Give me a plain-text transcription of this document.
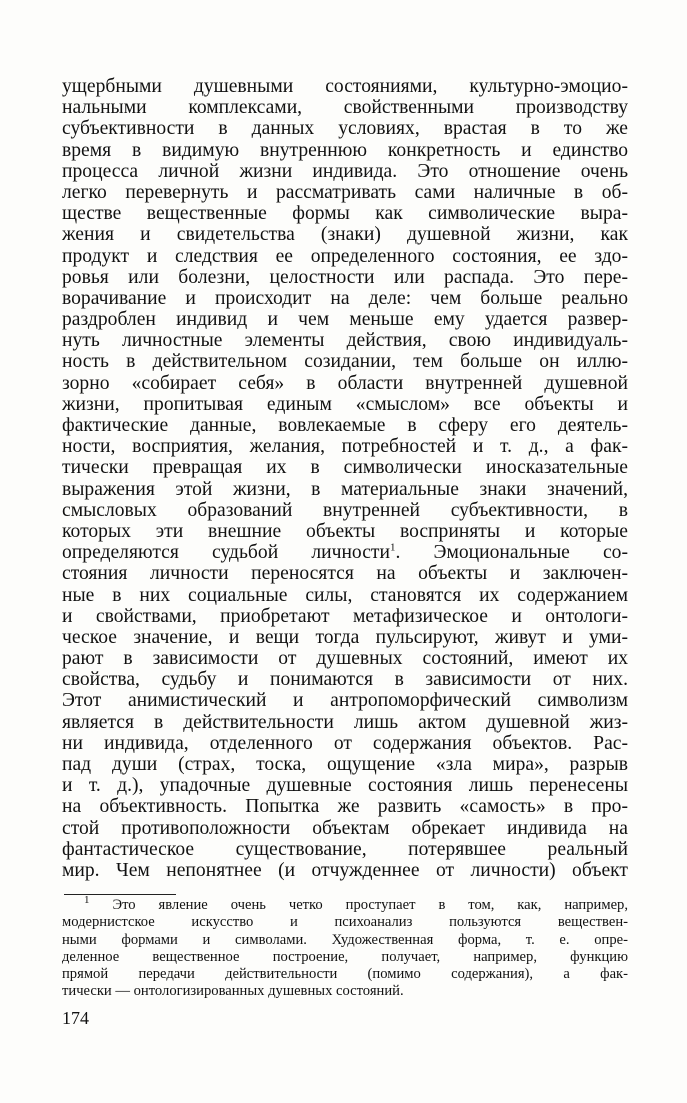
ущербными душевными состояниями, культурно-эмоцио-
нальными комплексами, свойственными производству
субъективности в данных условиях, врастая в то же
время в видимую внутреннюю конкретность и единство
процесса личной жизни индивида. Это отношение очень
легко перевернуть и рассматривать сами наличные в об-
ществе вещественные формы как символические выра-
жения и свидетельства (знаки) душевной жизни, как
продукт и следствия ее определенного состояния, ее здо-
ровья или болезни, целостности или распада. Это пере-
ворачивание и происходит на деле: чем больше реально
раздроблен индивид и чем меньше ему удается развер-
нуть личностные элементы действия, свою индивидуаль-
ность в действительном созидании, тем больше он иллю-
зорно «собирает себя» в области внутренней душевной
жизни, пропитывая единым «смыслом» все объекты и
фактические данные, вовлекаемые в сферу его деятель-
ности, восприятия, желания, потребностей и т. д., а фак-
тически превращая их в символически иносказательные
выражения этой жизни, в материальные знаки значений,
смысловых образований внутренней субъективности, в
которых эти внешние объекты восприняты и которые
определяются судьбой личности$^1$. Эмоциональные со-
стояния личности переносятся на объекты и заключен-
ные в них социальные силы, становятся их содержанием
и свойствами, приобретают метафизическое и онтологи-
ческое значение, и вещи тогда пульсируют, живут и уми-
рают в зависимости от душевных состояний, имеют их
свойства, судьбу и понимаются в зависимости от них.
Этот анимистический и антропоморфический символизм
является в действительности лишь актом душевной жиз-
ни индивида, отделенного от содержания объектов. Рас-
пад души (страх, тоска, ощущение «зла мира», разрыв
и т. д.), упадочные душевные состояния лишь перенесены
на объективность. Попытка же развить «самость» в про-
стой противоположности объектам обрекает индивида на
фантастическое существование, потерявшее реальный
мир. Чем непонятнее (и отчужденнее от личности) объект
$^1$ Это явление очень четко проступает в том, как, например,
модернистское искусство и психоанализ пользуются веществен-
ными формами и символами. Художественная форма, т. е. опре-
деленное вещественное построение, получает, например, функцию
прямой передачи действительности (помимо содержания), а фак-
тически — онтологизированных душевных состояний.
174
